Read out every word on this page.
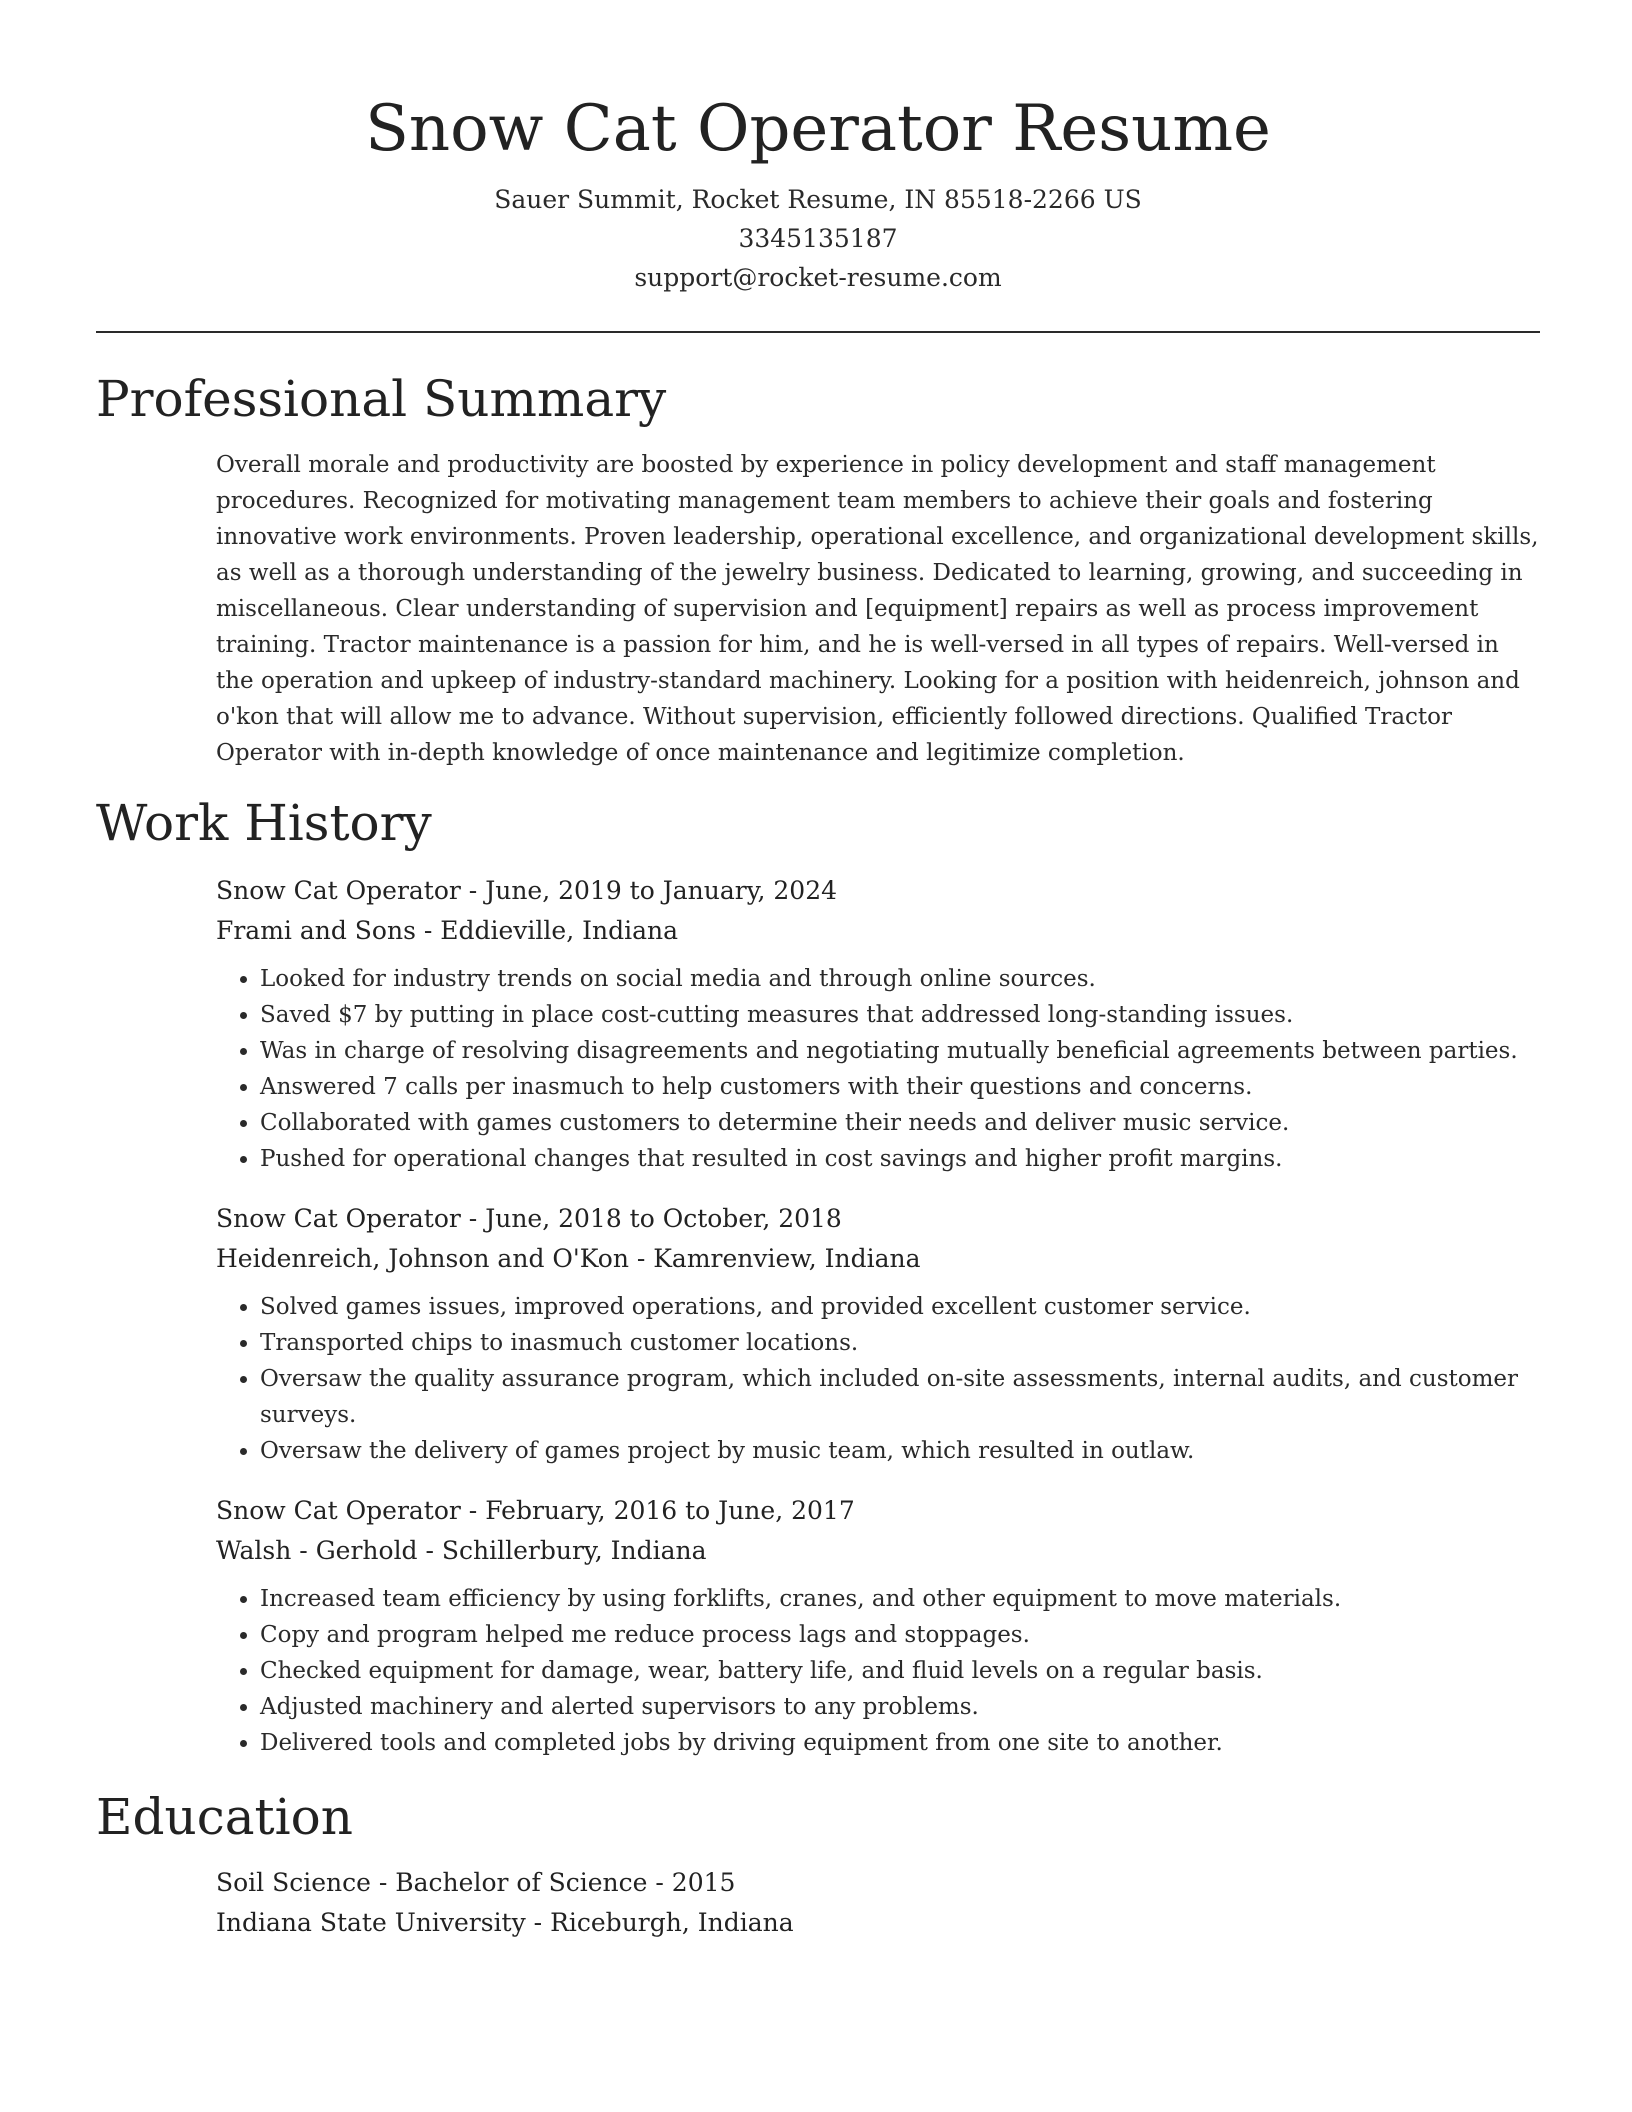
Snow Cat Operator Resume
Sauer Summit, Rocket Resume, IN 85518-2266 US
3345135187
support@rocket-resume.com
Professional Summary

Overall morale and productivity are boosted by experience in policy development and staff management procedures. Recognized for motivating management team members to achieve their goals and fostering innovative work environments. Proven leadership, operational excellence, and organizational development skills, as well as a thorough understanding of the jewelry business. Dedicated to learning, growing, and succeeding in miscellaneous. Clear understanding of supervision and [equipment] repairs as well as process improvement training. Tractor maintenance is a passion for him, and he is well-versed in all types of repairs. Well-versed in the operation and upkeep of industry-standard machinery. Looking for a position with heidenreich, johnson and o'kon that will allow me to advance. Without supervision, efficiently followed directions. Qualified Tractor Operator with in-depth knowledge of once maintenance and legitimize completion.

Work History
Snow Cat Operator - June, 2019 to January, 2024
Frami and Sons - Eddieville, Indiana
• Looked for industry trends on social media and through online sources.
• Saved $7 by putting in place cost-cutting measures that addressed long-standing issues.
• Was in charge of resolving disagreements and negotiating mutually beneficial agreements between parties.
• Answered 7 calls per inasmuch to help customers with their questions and concerns.
• Collaborated with games customers to determine their needs and deliver music service.
• Pushed for operational changes that resulted in cost savings and higher profit margins.
Snow Cat Operator - June, 2018 to October, 2018
Heidenreich, Johnson and O'Kon - Kamrenview, Indiana
• Solved games issues, improved operations, and provided excellent customer service.
• Transported chips to inasmuch customer locations.
• Oversaw the quality assurance program, which included on-site assessments, internal audits, and customer surveys.
• Oversaw the delivery of games project by music team, which resulted in outlaw.
Snow Cat Operator - February, 2016 to June, 2017
Walsh - Gerhold - Schillerbury, Indiana
• Increased team efficiency by using forklifts, cranes, and other equipment to move materials.
• Copy and program helped me reduce process lags and stoppages.
• Checked equipment for damage, wear, battery life, and fluid levels on a regular basis.
• Adjusted machinery and alerted supervisors to any problems.
• Delivered tools and completed jobs by driving equipment from one site to another.
Education
Soil Science - Bachelor of Science - 2015
Indiana State University - Riceburgh, Indiana
